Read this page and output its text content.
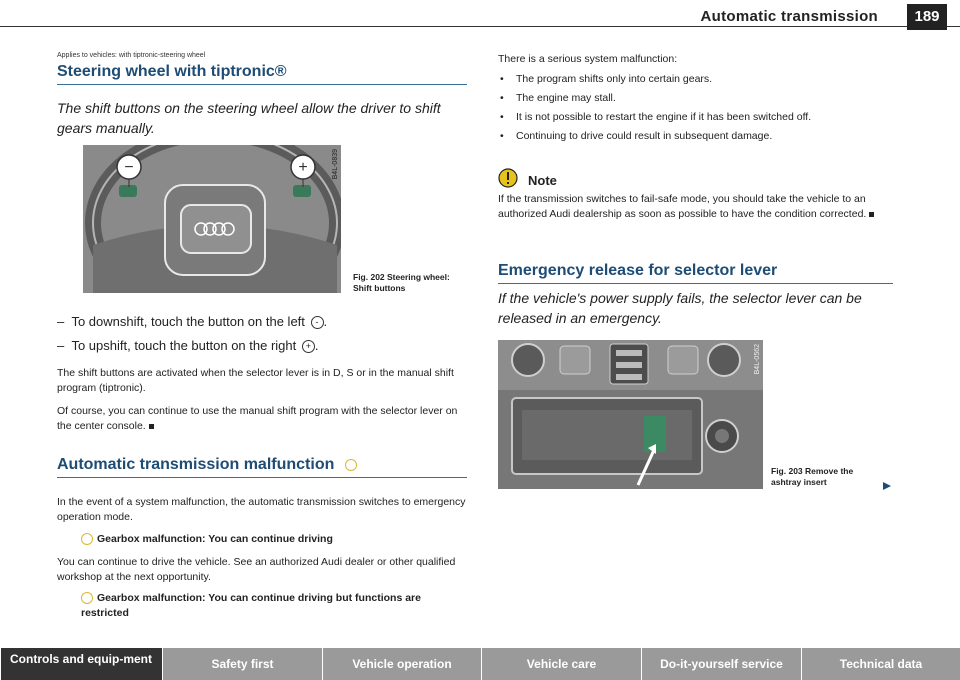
Automatic transmission	189
Applies to vehicles: with tiptronic-steering wheel
Steering wheel with tiptronic®
The shift buttons on the steering wheel allow the driver to shift gears manually.
−	+	B4L-0839
Fig. 202 Steering wheel: Shift buttons
–  To downshift, touch the button on the left - .
–  To upshift, touch the button on the right + .
The shift buttons are activated when the selector lever is in D, S or in the manual shift program (tiptronic).
Of course, you can continue to use the manual shift program with the selector lever on the center console.
Automatic transmission malfunction
In the event of a system malfunction, the automatic transmission switches to emergency operation mode.
Gearbox malfunction: You can continue driving
You can continue to drive the vehicle. See an authorized Audi dealer or other qualified workshop at the next opportunity.
Gearbox malfunction: You can continue driving but functions are restricted
There is a serious system malfunction:
• The program shifts only into certain gears.
• The engine may stall.
• It is not possible to restart the engine if it has been switched off.
• Continuing to drive could result in subsequent damage.
Note
If the transmission switches to fail-safe mode, you should take the vehicle to an authorized Audi dealership as soon as possible to have the condition corrected.
Emergency release for selector lever
If the vehicle's power supply fails, the selector lever can be released in an emergency.
B4L-0562
Fig. 203 Remove the ashtray insert
Controls and equip-ment	Safety first	Vehicle operation	Vehicle care	Do-it-yourself service	Technical data
